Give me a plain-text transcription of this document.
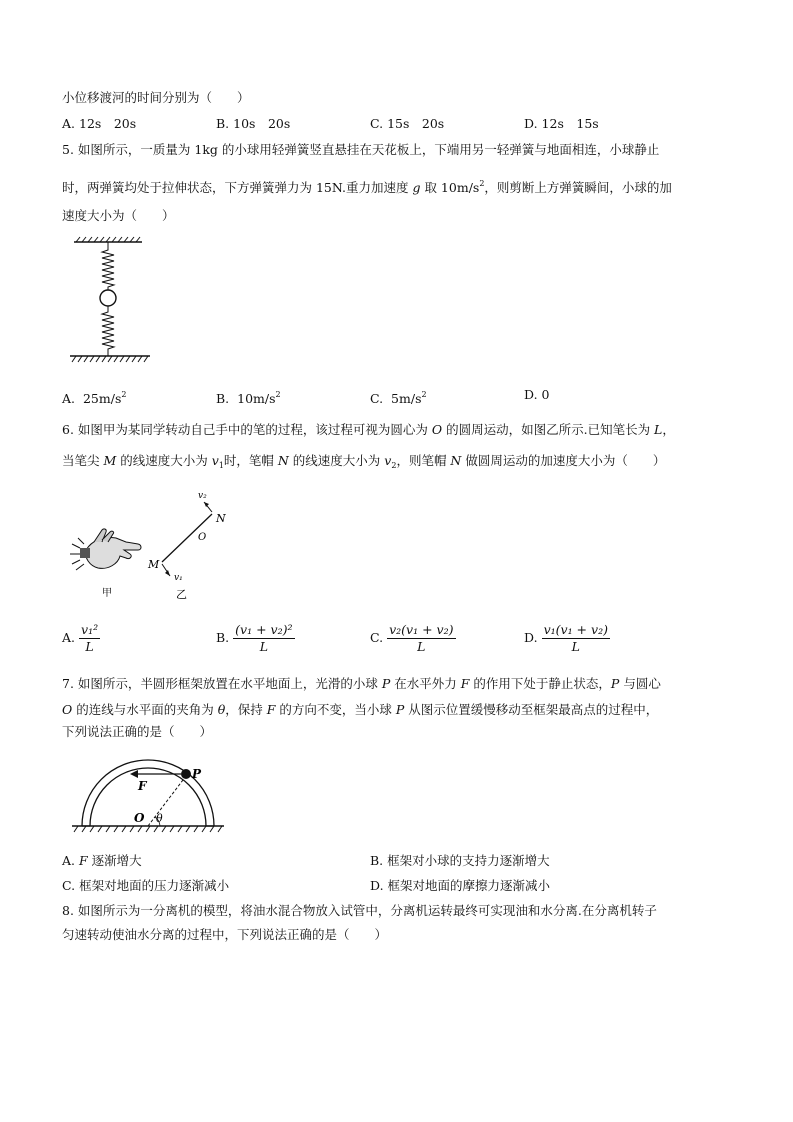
小位移渡河的时间分别为（　　）
A. 12s　20s	B. 10s　20s	C. 15s　20s	D. 12s　15s
5. 如图所示，一质量为 1kg 的小球用轻弹簧竖直悬挂在天花板上，下端用另一轻弹簧与地面相连，小球静止
时，两弹簧均处于拉伸状态，下方弹簧弹力为 15N.重力加速度 g 取 $10m/s^2$，则剪断上方弹簧瞬间，小球的加
速度大小为（　　）
A. $25m/s^2$	B. $10m/s^2$	C. $5m/s^2$	D. 0
6. 如图甲为某同学转动自己手中的笔的过程，该过程可视为圆心为 O 的圆周运动，如图乙所示.已知笔长为 L，
当笔尖 M 的线速度大小为 $v_1$时，笔帽 N 的线速度大小为 $v_2$，则笔帽 N 做圆周运动的加速度大小为（　　）
甲
M
N
O
v₁
v₂
乙
A. $\frac{\text{v₁²}}{L}$	B. $\frac{\text{(v₁ + v₂)²}}{L}$	C. $\frac{\text{v₂(v₁ + v₂)}}{L}$	D. $\frac{\text{v₁(v₁ + v₂)}}{L}$
7. 如图所示，半圆形框架放置在水平地面上，光滑的小球 P 在水平外力 F 的作用下处于静止状态，P 与圆心
O 的连线与水平面的夹角为 θ，保持 F 的方向不变，当小球 P 从图示位置缓慢移动至框架最高点的过程中，
下列说法正确的是（　　）
P
F
O θ
A. F 逐渐增大	B. 框架对小球的支持力逐渐增大
C. 框架对地面的压力逐渐减小	D. 框架对地面的摩擦力逐渐减小
8. 如图所示为一分离机的模型，将油水混合物放入试管中，分离机运转最终可实现油和水分离.在分离机转子
匀速转动使油水分离的过程中，下列说法正确的是（　　）
